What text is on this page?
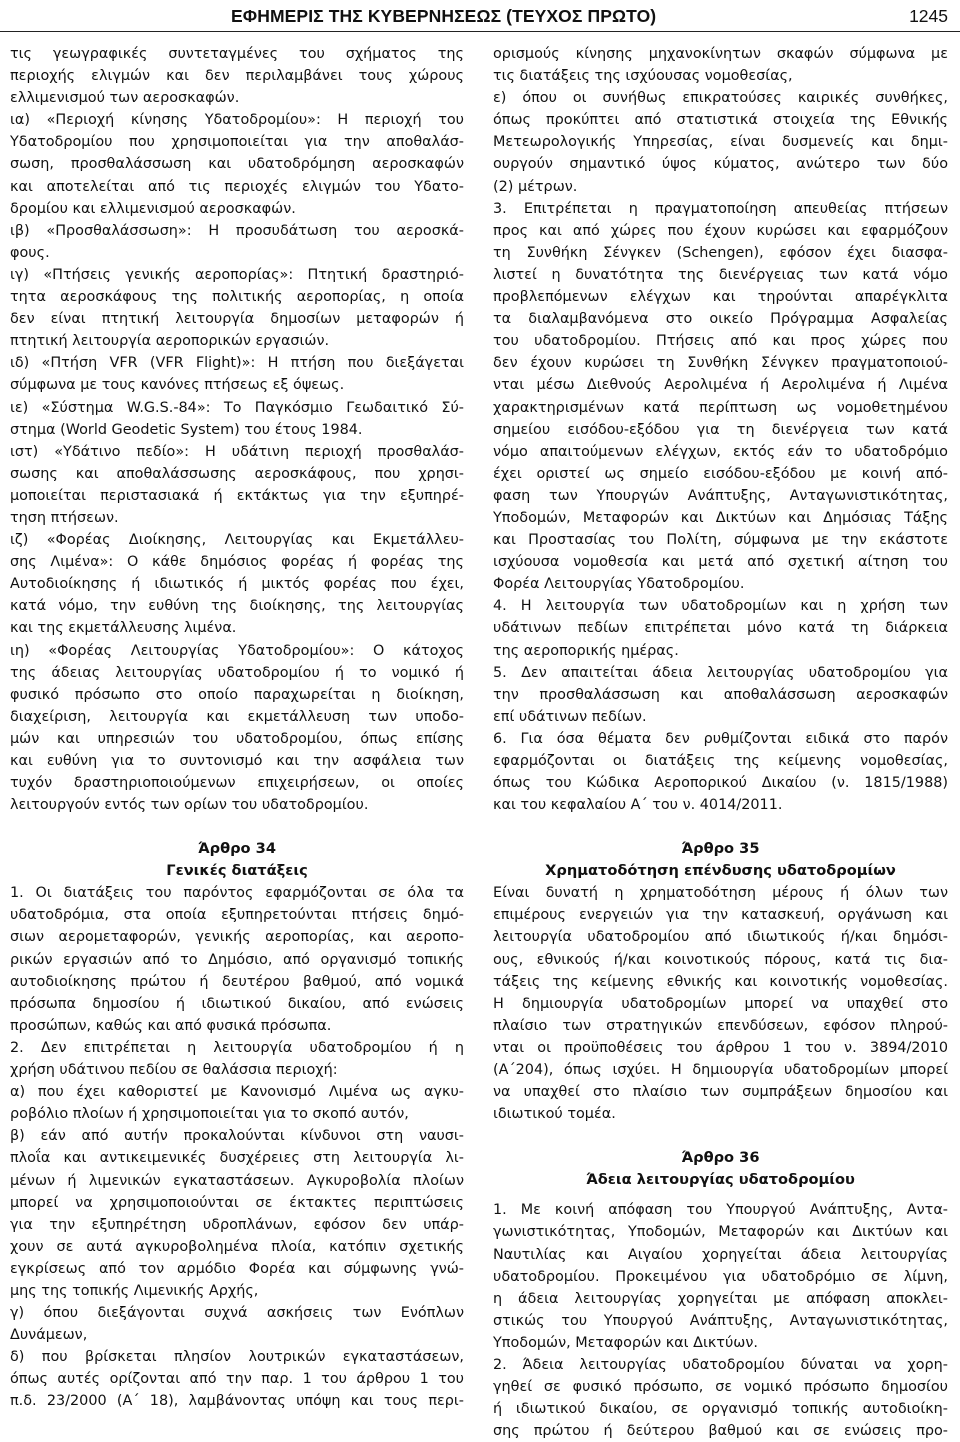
ΕΦΗΜΕΡΙΣ ΤΗΣ ΚΥΒΕΡΝΗΣΕΩΣ (ΤΕΥΧΟΣ ΠΡΩΤΟ)	1245
τις γεωγραφικές συντεταγμένες του σχήματος της
περιοχής ελιγμών και δεν περιλαμβάνει τους χώρους
ελλιμενισμού των αεροσκαφών.
ια) «Περιοχή κίνησης Υδατοδρομίου»: Η περιοχή του
Υδατοδρομίου που χρησιμοποιείται για την αποθαλάσ-
σωση, προσθαλάσσωση και υδατοδρόμηση αεροσκαφών
και αποτελείται από τις περιοχές ελιγμών του Υδατο-
δρομίου και ελλιμενισμού αεροσκαφών.
ιβ) «Προσθαλάσσωση»: Η προσυδάτωση του αεροσκά-
φους.
ιγ) «Πτήσεις γενικής αεροπορίας»: Πτητική δραστηριό-
τητα αεροσκάφους της πολιτικής αεροπορίας, η οποία
δεν είναι πτητική λειτουργία δημοσίων μεταφορών ή
πτητική λειτουργία αεροπορικών εργασιών.
ιδ) «Πτήση VFR (VFR Flight)»: Η πτήση που διεξάγεται
σύμφωνα με τους κανόνες πτήσεως εξ όψεως.
ιε) «Σύστημα W.G.S.-84»: Το Παγκόσμιο Γεωδαιτικό Σύ-
στημα (World Geodetic System) του έτους 1984.
ιστ) «Υδάτινο πεδίο»: Η υδάτινη περιοχή προσθαλάσ-
σωσης και αποθαλάσσωσης αεροσκάφους, που χρησι-
μοποιείται περιστασιακά ή εκτάκτως για την εξυπηρέ-
τηση πτήσεων.
ιζ) «Φορέας Διοίκησης, Λειτουργίας και Εκμετάλλευ-
σης Λιμένα»: Ο κάθε δημόσιος φορέας ή φορέας της
Αυτοδιοίκησης ή ιδιωτικός ή μικτός φορέας που έχει,
κατά νόμο, την ευθύνη της διοίκησης, της λειτουργίας
και της εκμετάλλευσης λιμένα.
ιη) «Φορέας Λειτουργίας Υδατοδρομίου»: Ο κάτοχος
της άδειας λειτουργίας υδατοδρομίου ή το νομικό ή
φυσικό πρόσωπο στο οποίο παραχωρείται η διοίκηση,
διαχείριση, λειτουργία και εκμετάλλευση των υποδο-
μών και υπηρεσιών του υδατοδρομίου, όπως επίσης
και ευθύνη για το συντονισμό και την ασφάλεια των
τυχόν δραστηριοποιούμενων επιχειρήσεων, οι οποίες
λειτουργούν εντός των ορίων του υδατοδρομίου.

Άρθρο 34

Γενικές διατάξεις

1. Οι διατάξεις του παρόντος εφαρμόζονται σε όλα τα
υδατοδρόμια, στα οποία εξυπηρετούνται πτήσεις δημό-
σιων αερομεταφορών, γενικής αεροπορίας, και αεροπο-
ρικών εργασιών από το Δημόσιο, από οργανισμό τοπικής
αυτοδιοίκησης πρώτου ή δευτέρου βαθμού, από νομικά
πρόσωπα δημοσίου ή ιδιωτικού δικαίου, από ενώσεις
προσώπων, καθώς και από φυσικά πρόσωπα.
2. Δεν επιτρέπεται η λειτουργία υδατοδρομίου ή η
χρήση υδάτινου πεδίου σε θαλάσσια περιοχή:
α) που έχει καθοριστεί με Κανονισμό Λιμένα ως αγκυ-
ροβόλιο πλοίων ή χρησιμοποιείται για το σκοπό αυτόν,
β) εάν από αυτήν προκαλούνται κίνδυνοι στη ναυσι-
πλοΐα και αντικειμενικές δυσχέρειες στη λειτουργία λι-
μένων ή λιμενικών εγκαταστάσεων. Αγκυροβολία πλοίων
μπορεί να χρησιμοποιούνται σε έκτακτες περιπτώσεις
για την εξυπηρέτηση υδροπλάνων, εφόσον δεν υπάρ-
χουν σε αυτά αγκυροβολημένα πλοία, κατόπιν σχετικής
εγκρίσεως από τον αρμόδιο Φορέα και σύμφωνης γνώ-
μης της τοπικής Λιμενικής Αρχής,
γ) όπου διεξάγονται συχνά ασκήσεις των Ενόπλων
Δυνάμεων,
δ) που βρίσκεται πλησίον λουτρικών εγκαταστάσεων,
όπως αυτές ορίζονται από την παρ. 1 του άρθρου 1 του
π.δ. 23/2000 (Α΄ 18), λαμβάνοντας υπόψη και τους περι-
ορισμούς κίνησης μηχανοκίνητων σκαφών σύμφωνα με
τις διατάξεις της ισχύουσας νομοθεσίας,
ε) όπου οι συνήθως επικρατούσες καιρικές συνθήκες,
όπως προκύπτει από στατιστικά στοιχεία της Εθνικής
Μετεωρολογικής Υπηρεσίας, είναι δυσμενείς και δημι-
ουργούν σημαντικό ύψος κύματος, ανώτερο των δύο
(2) μέτρων.
3. Επιτρέπεται η πραγματοποίηση απευθείας πτήσεων
προς και από χώρες που έχουν κυρώσει και εφαρμόζουν
τη Συνθήκη Σένγκεν (Schengen), εφόσον έχει διασφα-
λιστεί η δυνατότητα της διενέργειας των κατά νόμο
προβλεπόμενων ελέγχων και τηρούνται απαρέγκλιτα
τα διαλαμβανόμενα στο οικείο Πρόγραμμα Ασφαλείας
του υδατοδρομίου. Πτήσεις από και προς χώρες που
δεν έχουν κυρώσει τη Συνθήκη Σένγκεν πραγματοποιού-
νται μέσω Διεθνούς Αερολιμένα ή Αερολιμένα ή Λιμένα
χαρακτηρισμένων κατά περίπτωση ως νομοθετημένου
σημείου εισόδου-εξόδου για τη διενέργεια των κατά
νόμο απαιτούμενων ελέγχων, εκτός εάν το υδατοδρόμιο
έχει οριστεί ως σημείο εισόδου-εξόδου με κοινή από-
φαση των Υπουργών Ανάπτυξης, Ανταγωνιστικότητας,
Υποδομών, Μεταφορών και Δικτύων και Δημόσιας Τάξης
και Προστασίας του Πολίτη, σύμφωνα με την εκάστοτε
ισχύουσα νομοθεσία και μετά από σχετική αίτηση του
Φορέα Λειτουργίας Υδατοδρομίου.
4. Η λειτουργία των υδατοδρομίων και η χρήση των
υδάτινων πεδίων επιτρέπεται μόνο κατά τη διάρκεια
της αεροπορικής ημέρας.
5. Δεν απαιτείται άδεια λειτουργίας υδατοδρομίου για
την προσθαλάσσωση και αποθαλάσσωση αεροσκαφών
επί υδάτινων πεδίων.
6. Για όσα θέματα δεν ρυθμίζονται ειδικά στο παρόν
εφαρμόζονται οι διατάξεις της κείμενης νομοθεσίας,
όπως του Κώδικα Αεροπορικού Δικαίου (ν. 1815/1988)
και του κεφαλαίου Α΄ του ν. 4014/2011.

Άρθρο 35

Χρηματοδότηση επένδυσης υδατοδρομίων

Είναι δυνατή η χρηματοδότηση μέρους ή όλων των
επιμέρους ενεργειών για την κατασκευή, οργάνωση και
λειτουργία υδατοδρομίου από ιδιωτικούς ή/και δημόσι-
ους, εθνικούς ή/και κοινοτικούς πόρους, κατά τις δια-
τάξεις της κείμενης εθνικής και κοινοτικής νομοθεσίας.
Η δημιουργία υδατοδρομίων μπορεί να υπαχθεί στο
πλαίσιο των στρατηγικών επενδύσεων, εφόσον πληρού-
νται οι προϋποθέσεις του άρθρου 1 του ν. 3894/2010
(Α΄204), όπως ισχύει. Η δημιουργία υδατοδρομίων μπορεί
να υπαχθεί στο πλαίσιο των συμπράξεων δημοσίου και
ιδιωτικού τομέα.

Άρθρο 36

Άδεια λειτουργίας υδατοδρομίου

1. Με κοινή απόφαση του Υπουργού Ανάπτυξης, Αντα-
γωνιστικότητας, Υποδομών, Μεταφορών και Δικτύων και
Ναυτιλίας και Αιγαίου χορηγείται άδεια λειτουργίας
υδατοδρομίου. Προκειμένου για υδατοδρόμιο σε λίμνη,
η άδεια λειτουργίας χορηγείται με απόφαση αποκλει-
στικώς του Υπουργού Ανάπτυξης, Ανταγωνιστικότητας,
Υποδομών, Μεταφορών και Δικτύων.
2. Άδεια λειτουργίας υδατοδρομίου δύναται να χορη-
γηθεί σε φυσικό πρόσωπο, σε νομικό πρόσωπο δημοσίου
ή ιδιωτικού δικαίου, σε οργανισμό τοπικής αυτοδιοίκη-
σης πρώτου ή δεύτερου βαθμού και σε ενώσεις προ-
